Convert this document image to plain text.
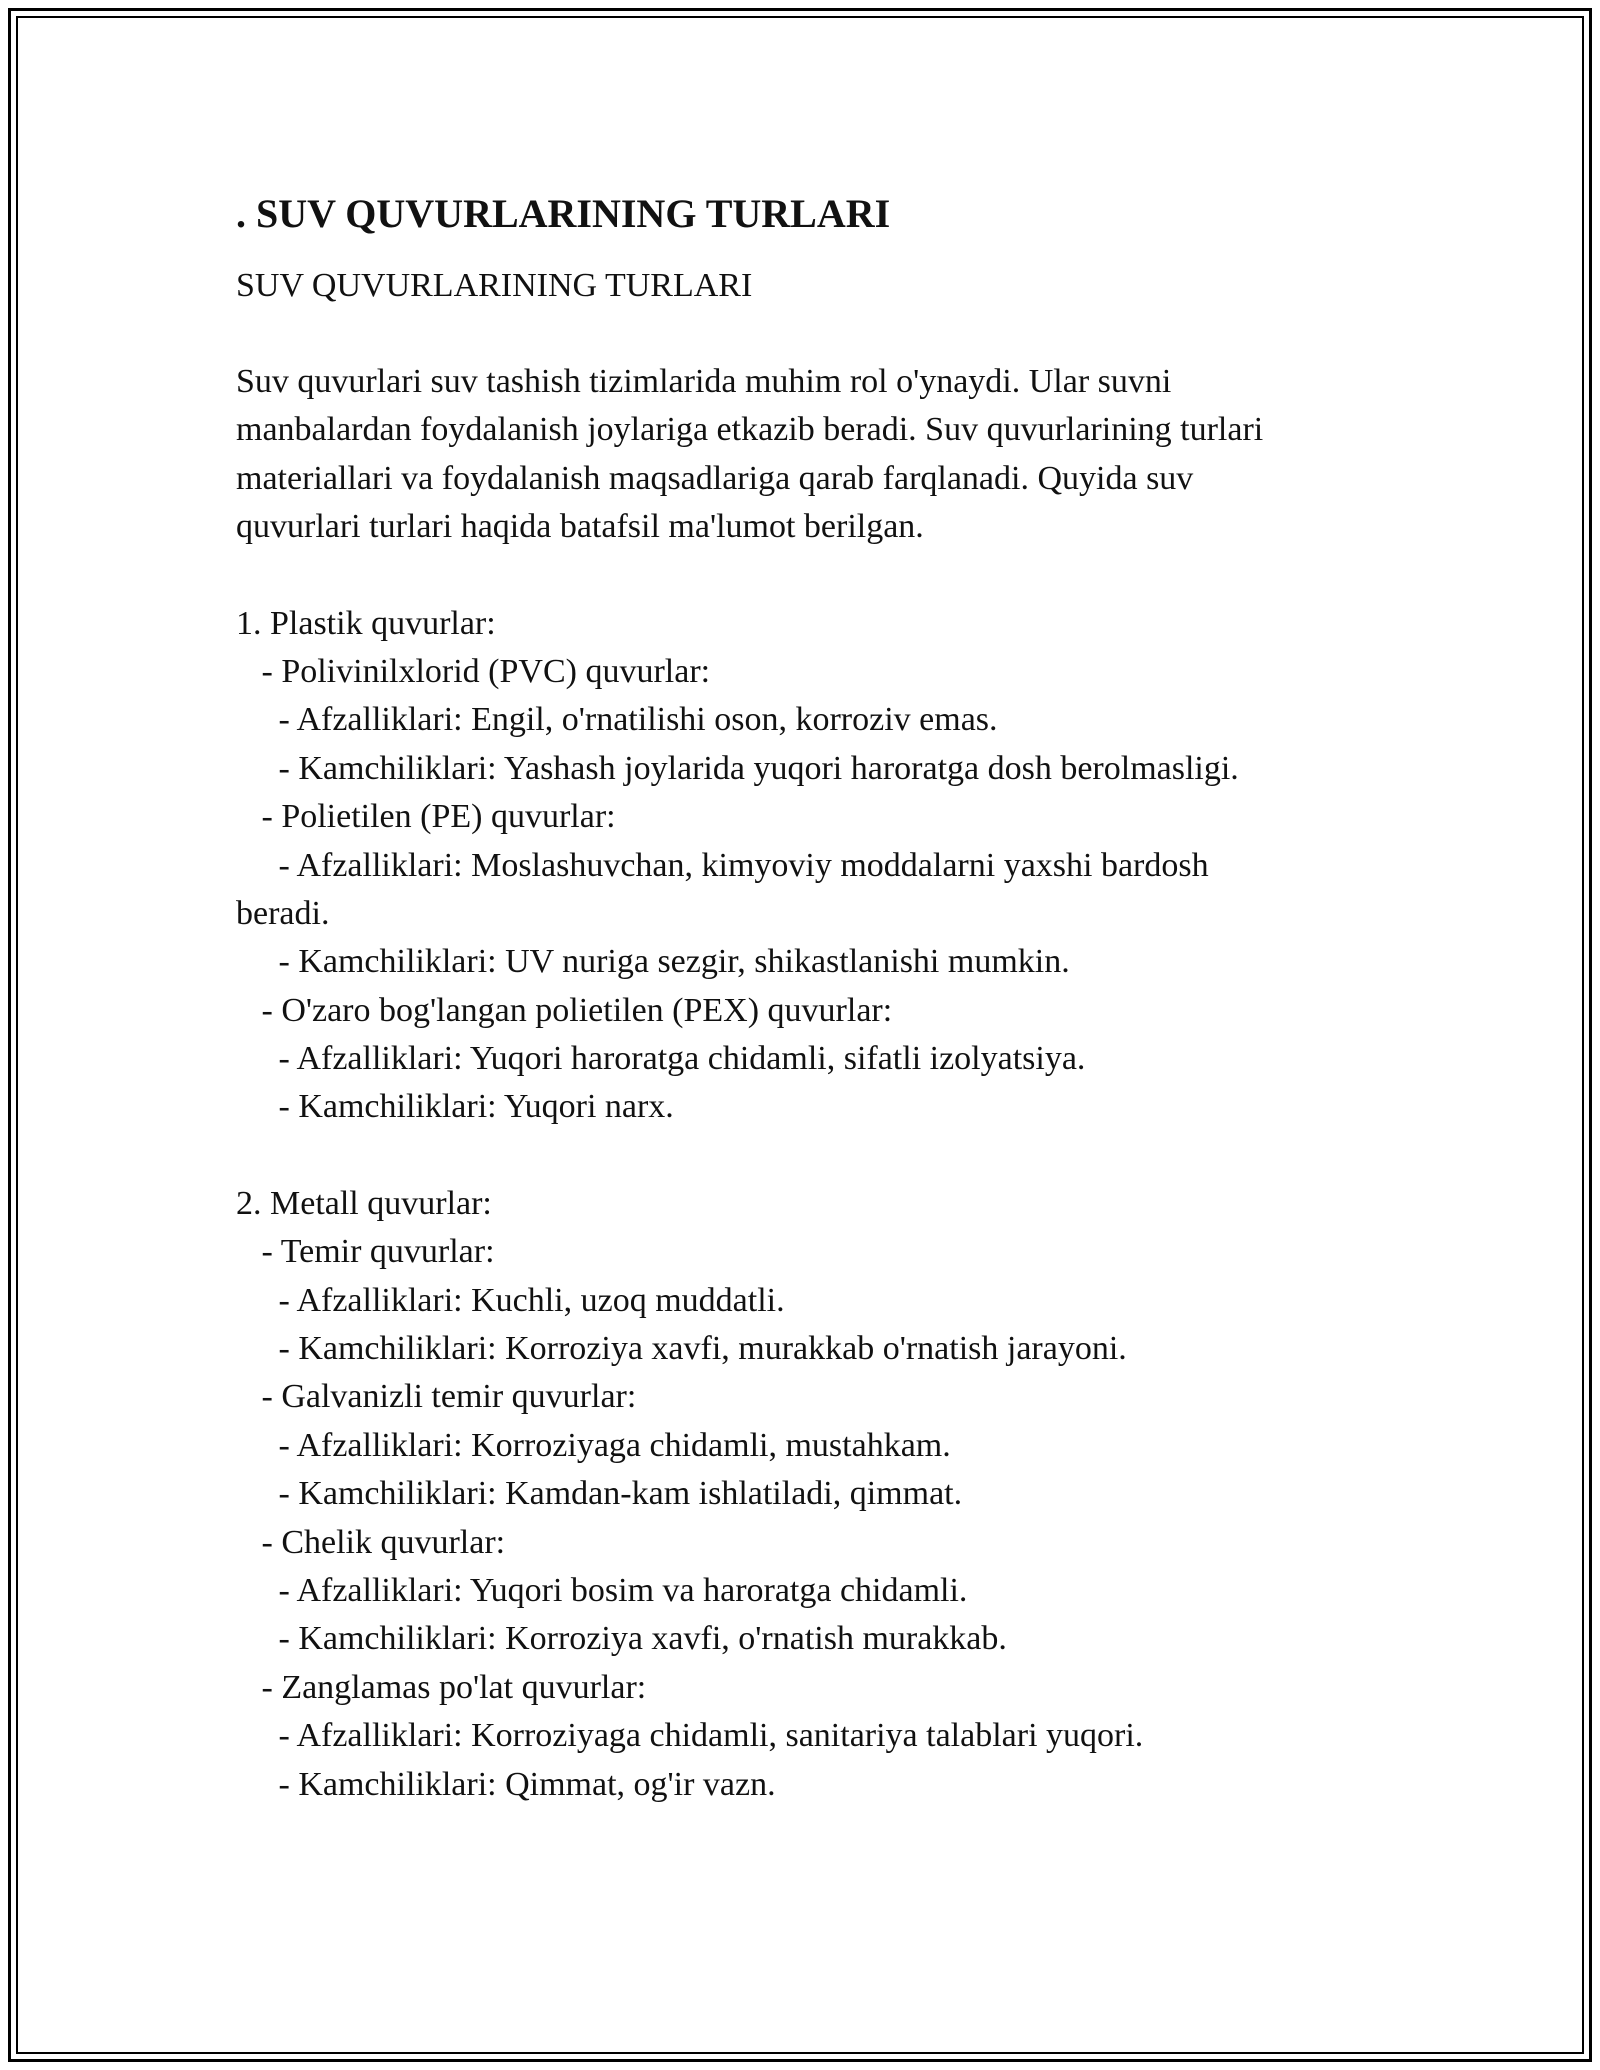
. SUV QUVURLARINING TURLARI

SUV QUVURLARINING TURLARI

Suv quvurlari suv tashish tizimlarida muhim rol o'ynaydi. Ular suvni

manbalardan foydalanish joylariga etkazib beradi. Suv quvurlarining turlari

materiallari va foydalanish maqsadlariga qarab farqlanadi. Quyida suv

quvurlari turlari haqida batafsil ma'lumot berilgan.

1. Plastik quvurlar:

- Polivinilxlorid (PVC) quvurlar:

- Afzalliklari: Engil, o'rnatilishi oson, korroziv emas.

- Kamchiliklari: Yashash joylarida yuqori haroratga dosh berolmasligi.

- Polietilen (PE) quvurlar:

- Afzalliklari: Moslashuvchan, kimyoviy moddalarni yaxshi bardosh

beradi.

- Kamchiliklari: UV nuriga sezgir, shikastlanishi mumkin.

- O'zaro bog'langan polietilen (PEX) quvurlar:

- Afzalliklari: Yuqori haroratga chidamli, sifatli izolyatsiya.

- Kamchiliklari: Yuqori narx.

2. Metall quvurlar:

- Temir quvurlar:

- Afzalliklari: Kuchli, uzoq muddatli.

- Kamchiliklari: Korroziya xavfi, murakkab o'rnatish jarayoni.

- Galvanizli temir quvurlar:

- Afzalliklari: Korroziyaga chidamli, mustahkam.

- Kamchiliklari: Kamdan-kam ishlatiladi, qimmat.

- Chelik quvurlar:

- Afzalliklari: Yuqori bosim va haroratga chidamli.

- Kamchiliklari: Korroziya xavfi, o'rnatish murakkab.

- Zanglamas po'lat quvurlar:

- Afzalliklari: Korroziyaga chidamli, sanitariya talablari yuqori.

- Kamchiliklari: Qimmat, og'ir vazn.
